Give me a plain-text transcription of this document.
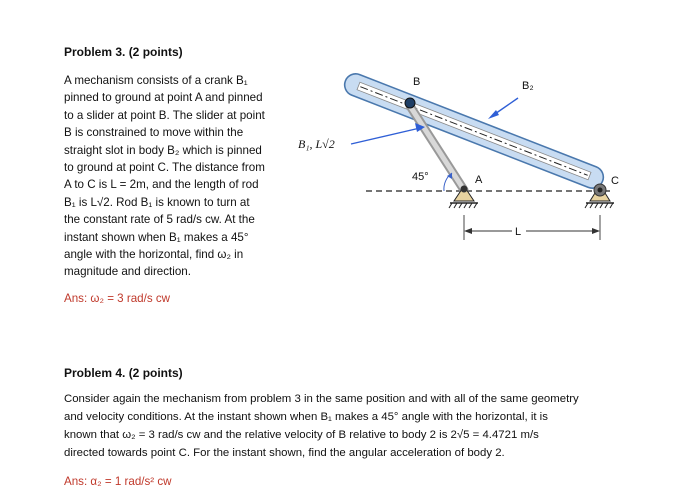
Problem 3. (2 points)
A mechanism consists of a crank B₁
pinned to ground at point A and pinned
to a slider at point B. The slider at point
B is constrained to move within the
straight slot in body B₂ which is pinned
to ground at point C. The distance from
A to C is L = 2m, and the length of rod
B₁ is L√2. Rod B₁ is known to turn at
the constant rate of 5 rad/s cw. At the
instant shown when B₁ makes a 45°
angle with the horizontal, find ω₂ in
magnitude and direction.
Ans: ω₂ = 3 rad/s cw
B	B₂
B₁, L√2
45°	A	C
L
Problem 4. (2 points)
Consider again the mechanism from problem 3 in the same position and with all of the same geometry
and velocity conditions. At the instant shown when B₁ makes a 45° angle with the horizontal, it is
known that ω₂ = 3 rad/s cw and the relative velocity of B relative to body 2 is 2√5 = 4.4721 m/s
directed towards point C. For the instant shown, find the angular acceleration of body 2.
Ans: α₂ = 1 rad/s² cw
